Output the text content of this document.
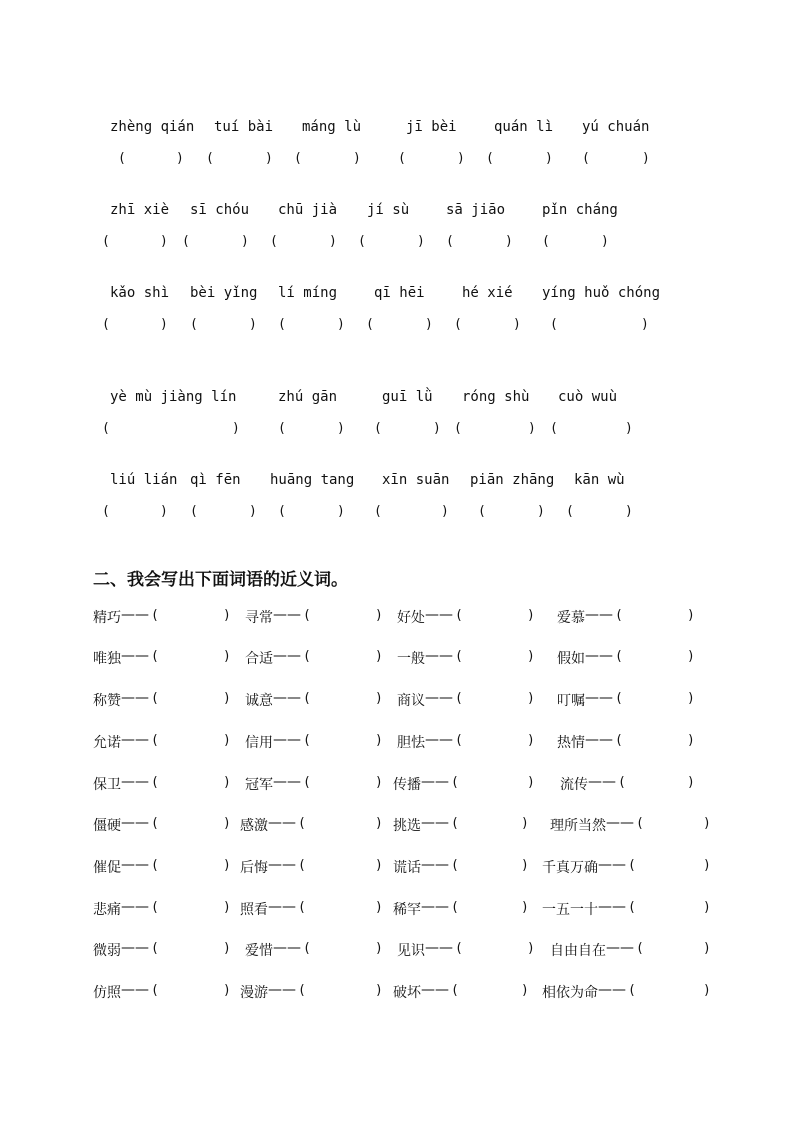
zhèng qián
(	)
tuí bài
(	)
máng lù
(	)
jī bèi
(	)
quán lì
(	)
yú chuán
(	)
zhī xiè
(	)
sī chóu
(	)
chū jià
(	)
jí sù
(	)
sā jiāo
(	)
pǐn cháng
(	)
kǎo shì
(	)
bèi yǐng
(	)
lí míng
(	)
qī hēi
(	)
hé xié
(	)
yíng huǒ chóng
(	)
yè mù jiàng lín
(	)
zhú gān
(	)
guī lǜ
(	)
róng shù
(	)
cuò wuù
(	)
liú lián
(	)
qì fēn
(	)
huāng tang
(	)
xīn suān
(	)
piān zhāng
(	)
kān wù
(	)
二、我会写出下面词语的近义词。
精巧 —— (	) 寻常 —— (	) 好处 —— (	) 爱慕 —— (	)
唯独 —— (	) 合适 —— (	) 一般 —— (	) 假如 —— (	)
称赞 —— (	) 诚意 —— (	) 商议 —— (	) 叮嘱 —— (	)
允诺 —— (	) 信用 —— (	) 胆怯 —— (	) 热情 —— (	)
保卫 —— (	) 冠军 —— (	) 传播 —— (	) 流传 —— (	)
僵硬 —— (	) 感激 —— (	) 挑选 —— (	) 理所当然 —— (	)
催促 —— (	) 后悔 —— (	) 谎话 —— (	) 千真万确 —— (	)
悲痛 —— (	) 照看 —— (	) 稀罕 —— (	) 一五一十 —— (	)
微弱 —— (	) 爱惜 —— (	) 见识 —— (	) 自由自在 —— (	)
仿照 —— (	) 漫游 —— (	) 破坏 —— (	) 相依为命 —— (	)
